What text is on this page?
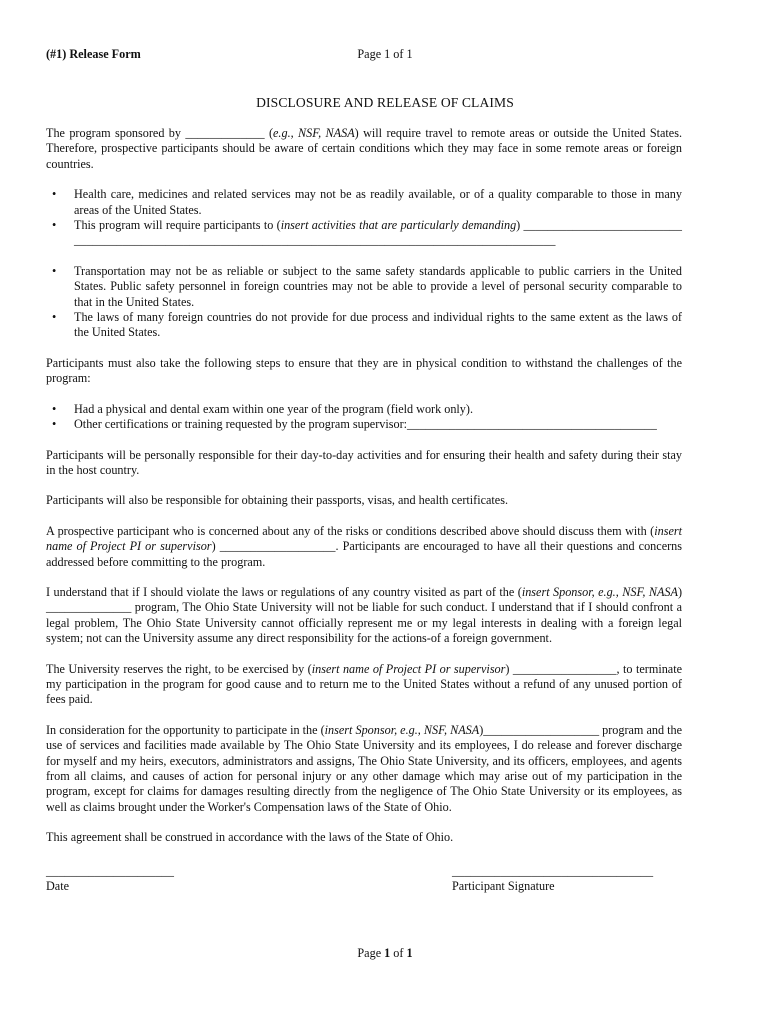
(#1) Release Form	Page 1 of 1
DISCLOSURE AND RELEASE OF CLAIMS

The program sponsored by _____________ (e.g., NSF, NASA) will require travel to remote areas or outside the United States. Therefore, prospective participants should be aware of certain conditions which they may face in some remote areas or foreign countries.

• Health care, medicines and related services may not be as readily available, or of a quality comparable to those in many areas of the United States.
• This program will require participants to (insert activities that are particularly demanding) _________________________________________________________________________________________________________
• Transportation may not be as reliable or subject to the same safety standards applicable to public carriers in the United States. Public safety personnel in foreign countries may not be able to provide a level of personal security comparable to that in the United States.
• The laws of many foreign countries do not provide for due process and individual rights to the same extent as the laws of the United States.

Participants must also take the following steps to ensure that they are in physical condition to withstand the challenges of the program:

• Had a physical and dental exam within one year of the program (field work only).
• Other certifications or training requested by the program supervisor:_________________________________________

Participants will be personally responsible for their day-to-day activities and for ensuring their health and safety during their stay in the host country.

Participants will also be responsible for obtaining their passports, visas, and health certificates.

A prospective participant who is concerned about any of the risks or conditions described above should discuss them with (insert name of Project PI or supervisor) ___________________. Participants are encouraged to have all their questions and concerns addressed before committing to the program.

I understand that if I should violate the laws or regulations of any country visited as part of the (insert Sponsor, e.g., NSF, NASA) ______________ program, The Ohio State University will not be liable for such conduct. I understand that if I should confront a legal problem, The Ohio State University cannot officially represent me or my legal interests in dealing with a foreign legal system; not can the University assume any direct responsibility for the actions-of a foreign government.

The University reserves the right, to be exercised by (insert name of Project PI or supervisor) _________________, to terminate my participation in the program for good cause and to return me to the United States without a refund of any unused portion of fees paid.

In consideration for the opportunity to participate in the (insert Sponsor, e.g., NSF, NASA)___________________ program and the use of services and facilities made available by The Ohio State University and its employees, I do release and forever discharge for myself and my heirs, executors, administrators and assigns, The Ohio State University, and its officers, employees, and agents from all claims, and causes of action for personal injury or any other damage which may arise out of my participation in the program, except for claims for damages resulting directly from the negligence of The Ohio State University or its employees, as well as claims brought under the Worker's Compensation laws of the State of Ohio.

This agreement shall be construed in accordance with the laws of the State of Ohio.

_____________________
Date
_________________________________
Participant Signature
Page 1 of 1
